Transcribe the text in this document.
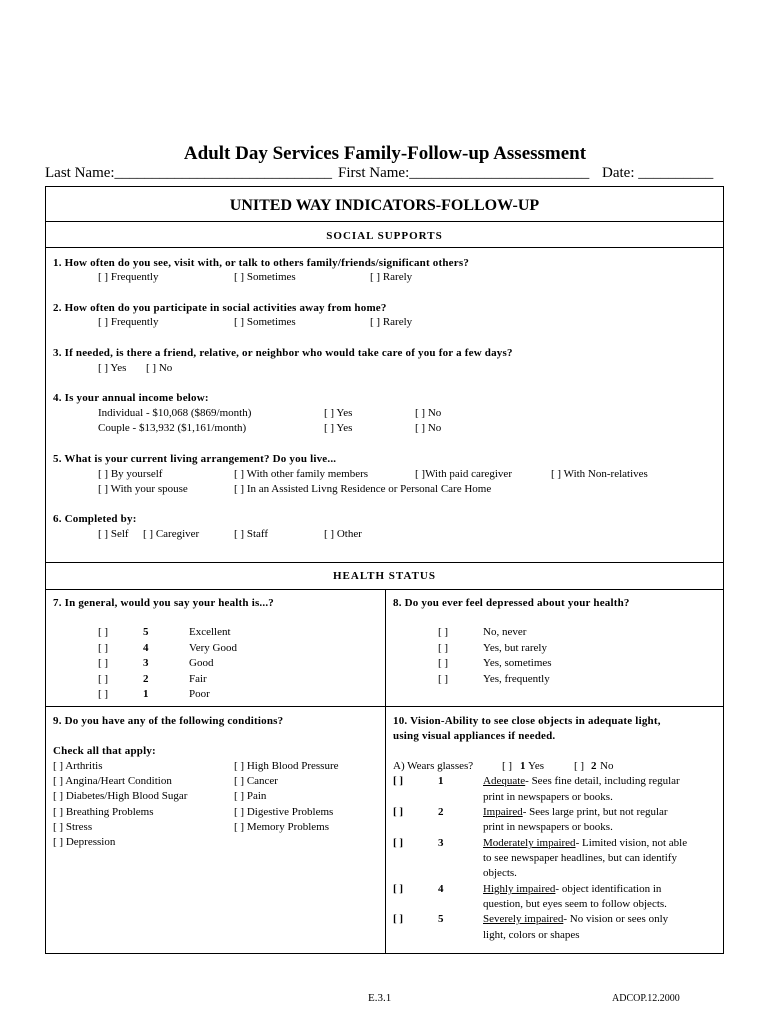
Adult Day Services Family-Follow-up Assessment
Last Name:_____________________________ First Name:________________________ Date: __________
UNITED WAY INDICATORS-FOLLOW-UP
SOCIAL SUPPORTS
1. How often do you see, visit with, or talk to others family/friends/significant others?
[ ] Frequently	[ ] Sometimes	[ ] Rarely
2. How often do you participate in social activities away from home?
[ ] Frequently	[ ] Sometimes	[ ] Rarely
3. If needed, is there a friend, relative, or neighbor who would take care of you for a few days?
[ ] Yes [ ] No
4. Is your annual income below:
Individual - $10,068 ($869/month)	[ ] Yes	[ ] No
Couple - $13,932 ($1,161/month)	[ ] Yes	[ ] No
5. What is your current living arrangement? Do you live...
[ ] By yourself	[ ] With other family members	[ ]With paid caregiver	[ ] With Non-relatives
[ ] With your spouse	[ ] In an Assisted Livng Residence or Personal Care Home
6. Completed by:
[ ] Self [ ] Caregiver	[ ] Staff	[ ] Other
HEALTH STATUS
7. In general, would you say your health is...?
[ ]	5	Excellent
[ ]	4	Very Good
[ ]	3	Good
[ ]	2	Fair
[ ]	1	Poor
8. Do you ever feel depressed about your health?
[ ]	No, never
[ ]	Yes, but rarely
[ ]	Yes, sometimes
[ ]	Yes, frequently
9. Do you have any of the following conditions?
Check all that apply:
[ ] Arthritis
[ ] Angina/Heart Condition
[ ] Diabetes/High Blood Sugar
[ ] Breathing Problems
[ ] Stress
[ ] Depression
[ ] High Blood Pressure
[ ] Cancer
[ ] Pain
[ ] Digestive Problems
[ ] Memory Problems
10. Vision-Ability to see close objects in adequate light,
using visual appliances if needed.
A) Wears glasses?	[ ] 1 Yes	[ ] 2 No
[ ]	1	Adequate- Sees fine detail, including regular
print in newspapers or books.
[ ]	2	Impaired- Sees large print, but not regular
print in newspapers or books.
[ ]	3	Moderately impaired- Limited vision, not able
to see newspaper headlines, but can identify
objects.
[ ]	4	Highly impaired- object identification in
question, but eyes seem to follow objects.
[ ]	5	Severely impaired- No vision or sees only
light, colors or shapes
E.3.1	ADCOP.12.2000
